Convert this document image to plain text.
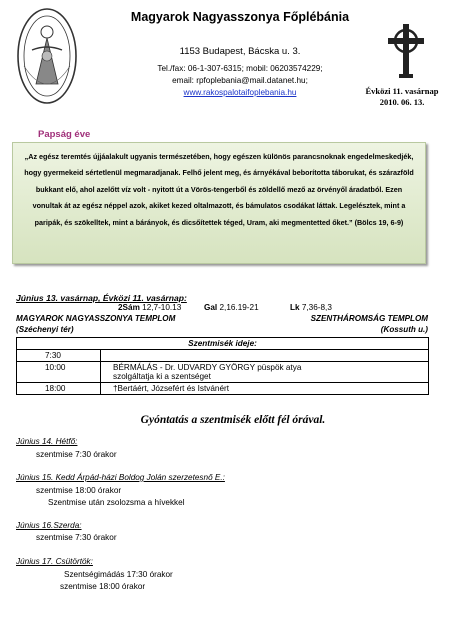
Magyarok Nagyasszonya Főplébánia
1153 Budapest, Bácska u. 3.
Tel./fax: 06-1-307-6315; mobil: 06203574229;
email: rpfoplebania@mail.datanet.hu;
www.rakospalotaifoplebania.hu	Évközi 11. vasárnap
2010. 06. 13.
Papság éve
„Az egész teremtés újjáalakult ugyanis természetében, hogy egészen különös parancsnoknak engedelmeskedjék, hogy gyermekeid sértetlenül megmaradjanak. Felhő jelent meg, és árnyékával beborította táborukat, és szárazföld bukkant elő, ahol azelőtt víz volt - nyitott út a Vörös-tengerből és zöldellő mező az örvényől áradatból. Ezen vonultak át az egész néppel azok, akiket kezed oltalmazott, és bámulatos csodákat láttak. Legelésztek, mint a paripák, és szökelltek, mint a bárányok, és dicsőítettek téged, Uram, aki megmentetted őket.” (Bölcs 19, 6-9)
Június 13. vasárnap, Évközi 11. vasárnap:
2Sám 12,7-10.13	Gal 2,16.19-21	Lk 7,36-8,3
MAGYAROK NAGYASSZONYA TEMPLOM
(Széchenyi tér)
SZENTHÁROMSÁG TEMPLOM
(Kossuth u.)
Szentmisék ideje:	
7:30	
10:00	BÉRMÁLÁS - Dr. UDVARDY GYÖRGY püspök atya szolgáltatja ki a szentséget
18:00	†Bertáért, Józsefért és Istvánért
Gyóntatás a szentmisék előtt fél órával.
Június 14. Hétfő:
szentmise 7:30 órakor
Június 15. Kedd Árpád-házi Boldog Jolán szerzetesnő E.:
szentmise 18:00 órakor
Szentmise után zsolozsma a hívekkel
Június 16.Szerda:
szentmise 7:30 órakor
Június 17. Csütörtök:
Szentségimádás 17:30 órakor
szentmise 18:00 órakor
